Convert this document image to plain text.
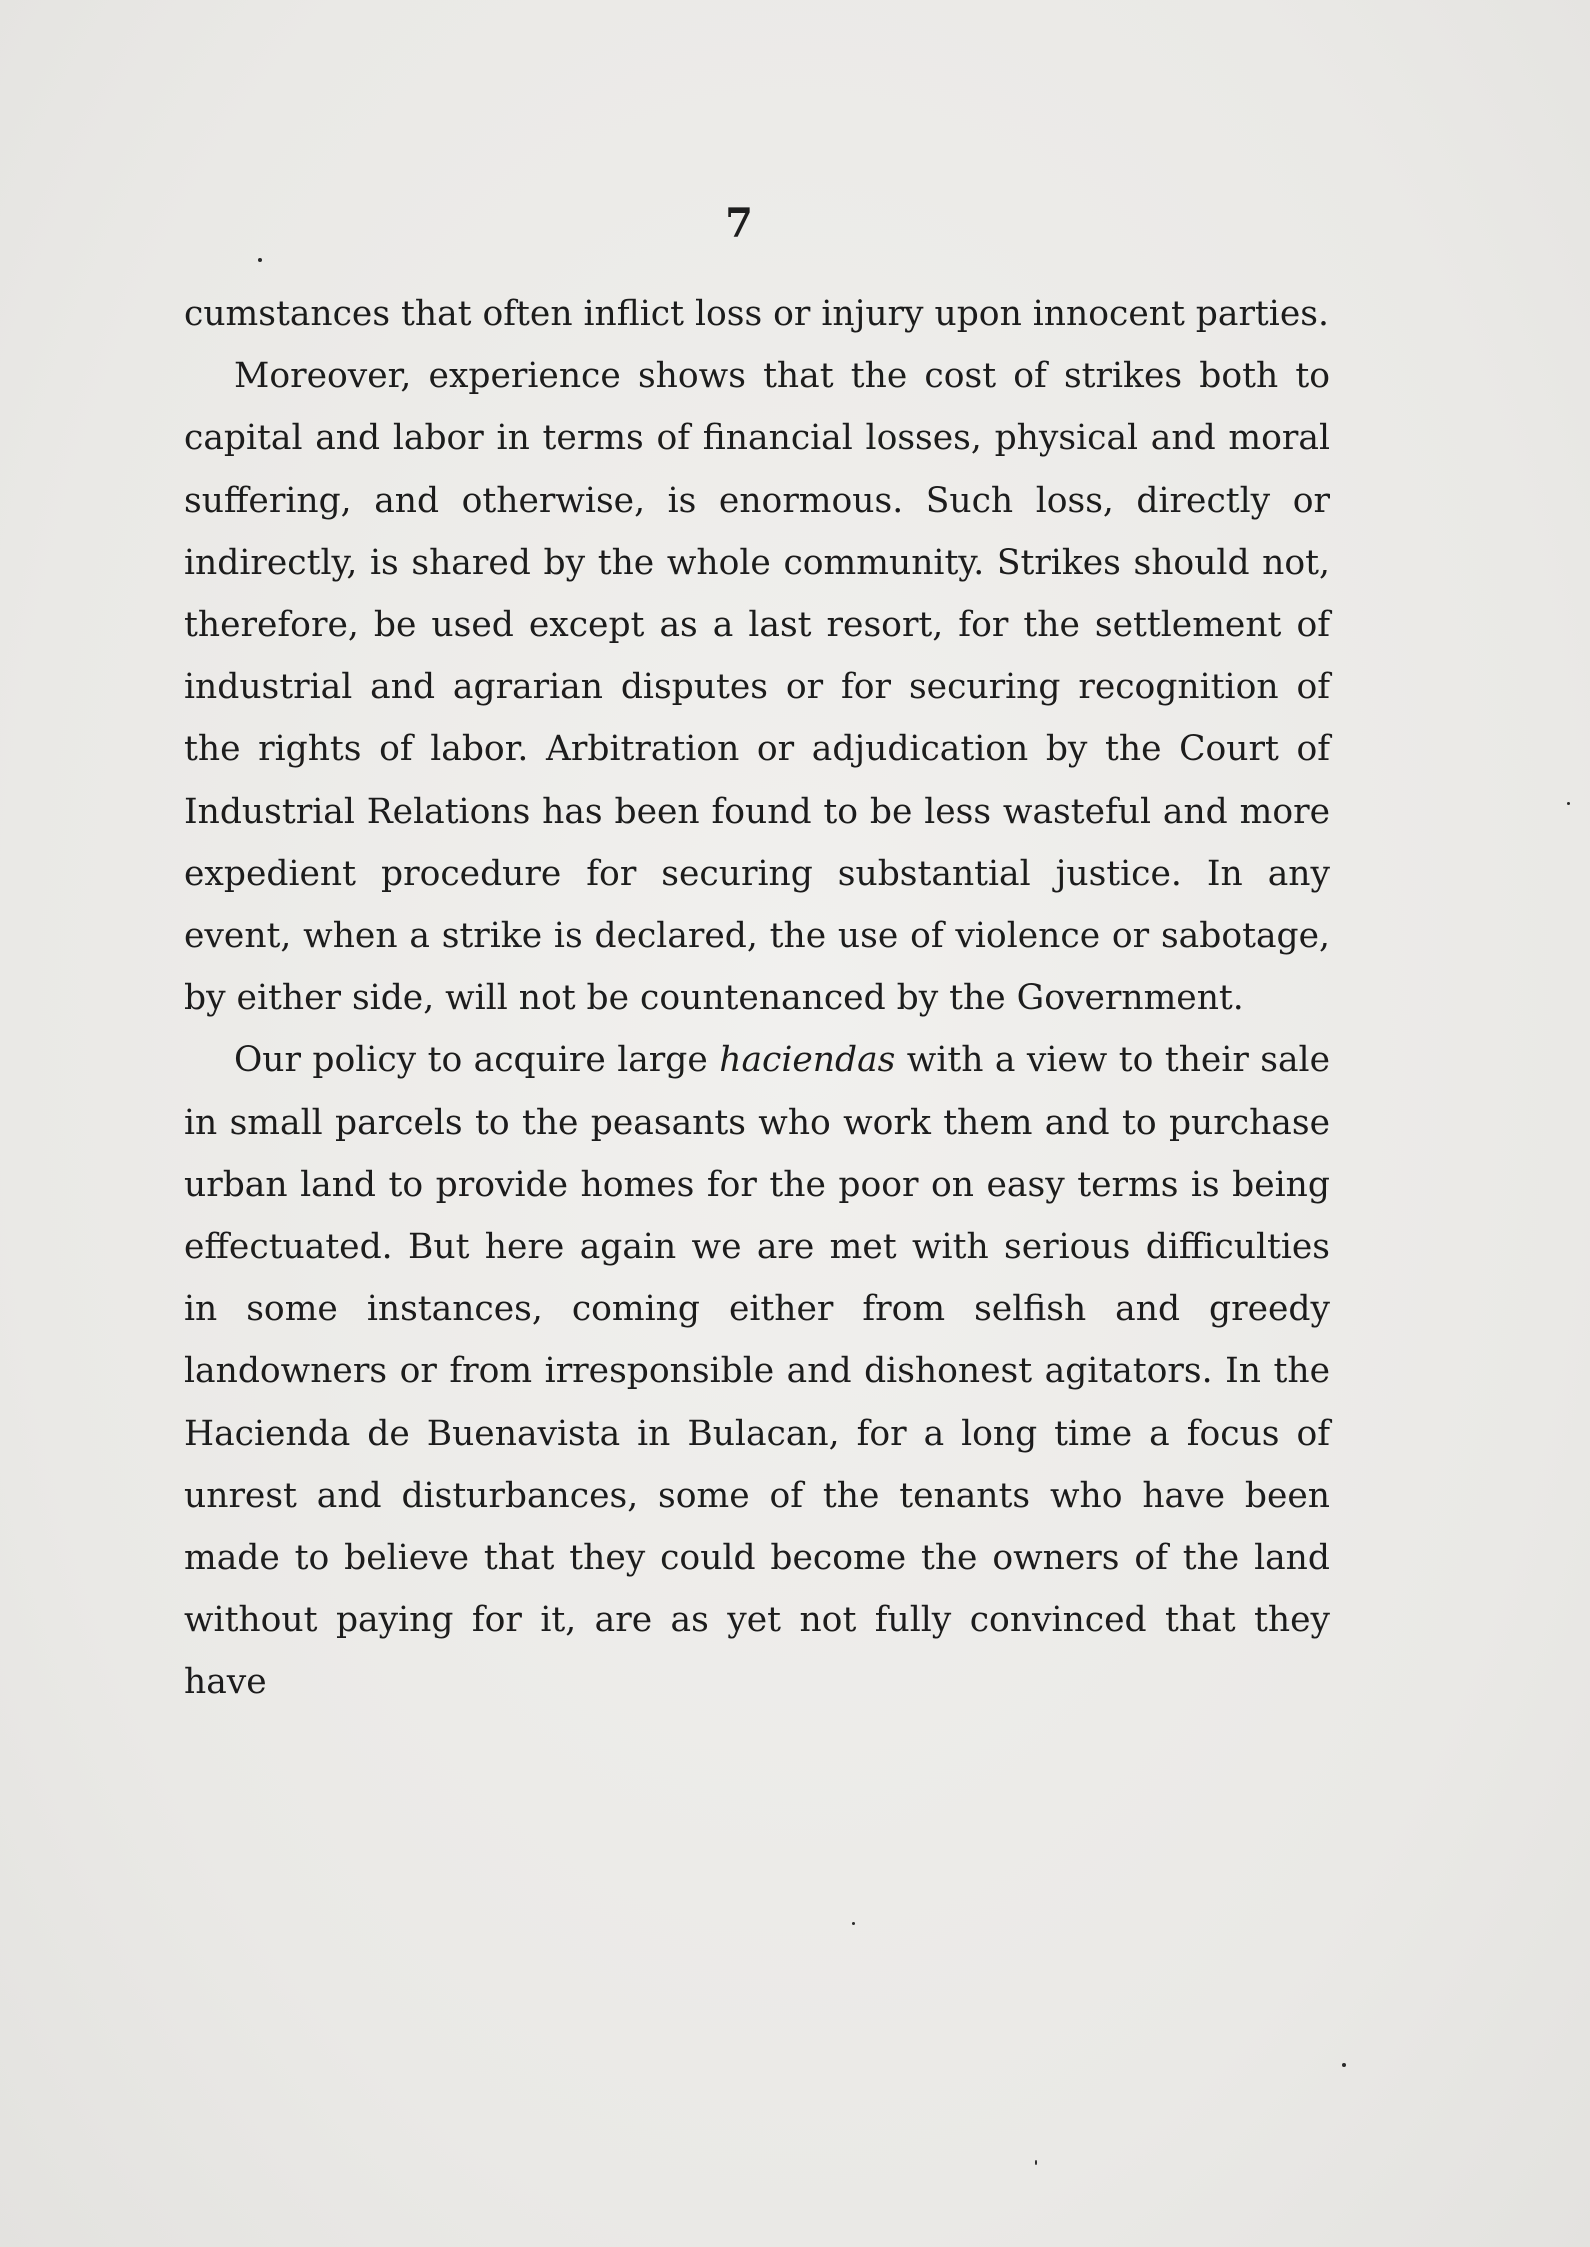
7

cumstances that often inflict loss or injury upon innocent parties.

Moreover, experience shows that the cost of strikes both to capital and labor in terms of financial losses, physical and moral suffering, and otherwise, is enormous. Such loss, directly or indirectly, is shared by the whole community. Strikes should not, therefore, be used except as a last resort, for the settlement of industrial and agrarian disputes or for securing recognition of the rights of labor. Arbitration or adjudication by the Court of Industrial Relations has been found to be less wasteful and more expedient procedure for securing substantial justice. In any event, when a strike is declared, the use of violence or sabotage, by either side, will not be countenanced by the Government.

Our policy to acquire large haciendas with a view to their sale in small parcels to the peasants who work them and to purchase urban land to provide homes for the poor on easy terms is being effectuated. But here again we are met with serious difficulties in some instances, coming either from selfish and greedy landowners or from irresponsible and dishonest agitators. In the Hacienda de Buenavista in Bulacan, for a long time a focus of unrest and disturbances, some of the tenants who have been made to believe that they could become the owners of the land without paying for it, are as yet not fully convinced that they have
